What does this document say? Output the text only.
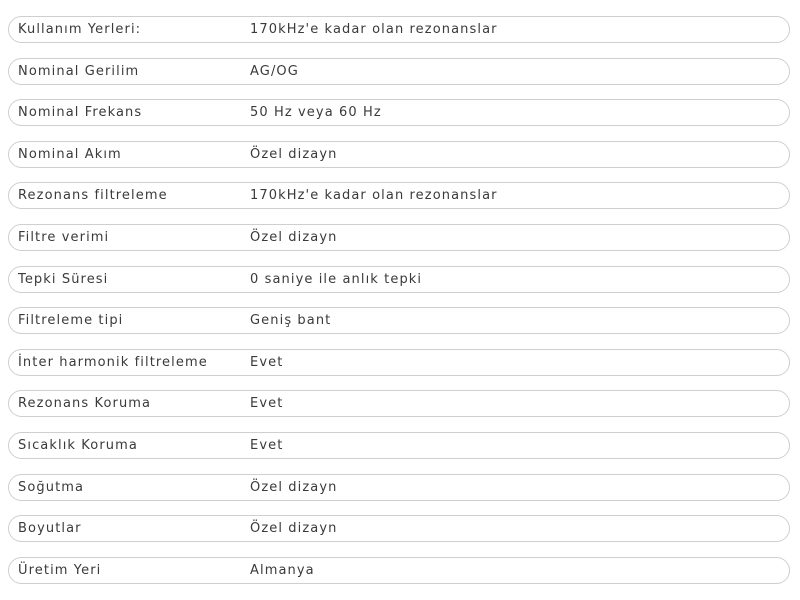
Kullanım Yerleri:	170kHz'e kadar olan rezonanslar
Nominal Gerilim	AG/OG
Nominal Frekans	50 Hz veya 60 Hz
Nominal Akım	Özel dizayn
Rezonans filtreleme	170kHz'e kadar olan rezonanslar
Filtre verimi	Özel dizayn
Tepki Süresi	0 saniye ile anlık tepki
Filtreleme tipi	Geniş bant
İnter harmonik filtreleme	Evet
Rezonans Koruma	Evet
Sıcaklık Koruma	Evet
Soğutma	Özel dizayn
Boyutlar	Özel dizayn
Üretim Yeri	Almanya
